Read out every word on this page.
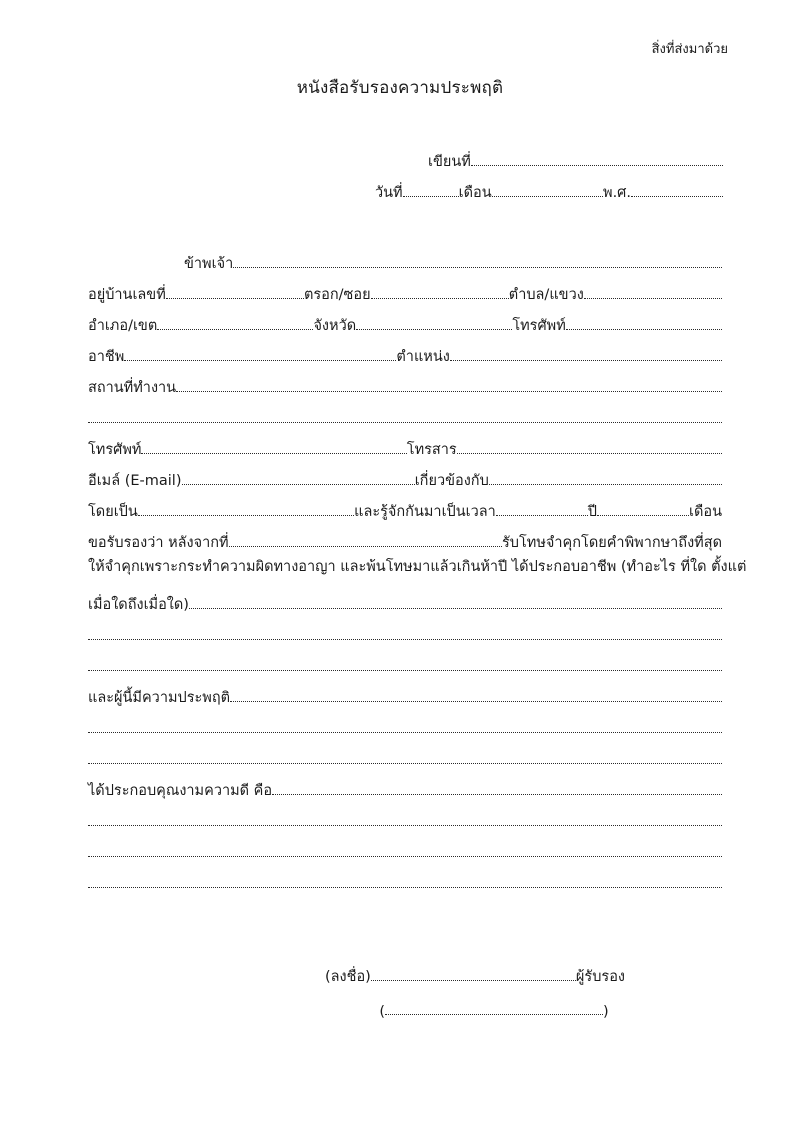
สิ่งที่ส่งมาด้วย
หนังสือรับรองความประพฤติ
เขียนที่
วันที่	เดือน	พ.ศ.
ข้าพเจ้า
อยู่บ้านเลขที่	ตรอก/ซอย	ตำบล/แขวง
อำเภอ/เขต	จังหวัด	โทรศัพท์
อาชีพ	ตำแหน่ง
สถานที่ทำงาน
โทรศัพท์	โทรสาร
อีเมล์ (E-mail)	เกี่ยวข้องกับ
โดยเป็น	และรู้จักกันมาเป็นเวลา	ปี	เดือน
ขอรับรองว่า หลังจากที่	รับโทษจำคุกโดยคำพิพากษาถึงที่สุด
ให้จำคุกเพราะกระทำความผิดทางอาญา และพ้นโทษมาแล้วเกินห้าปี ได้ประกอบอาชีพ (ทำอะไร ที่ใด ตั้งแต่
เมื่อใดถึงเมื่อใด)
และผู้นี้มีความประพฤติ
ได้ประกอบคุณงามความดี คือ
(ลงชื่อ)	ผู้รับรอง
(	)
